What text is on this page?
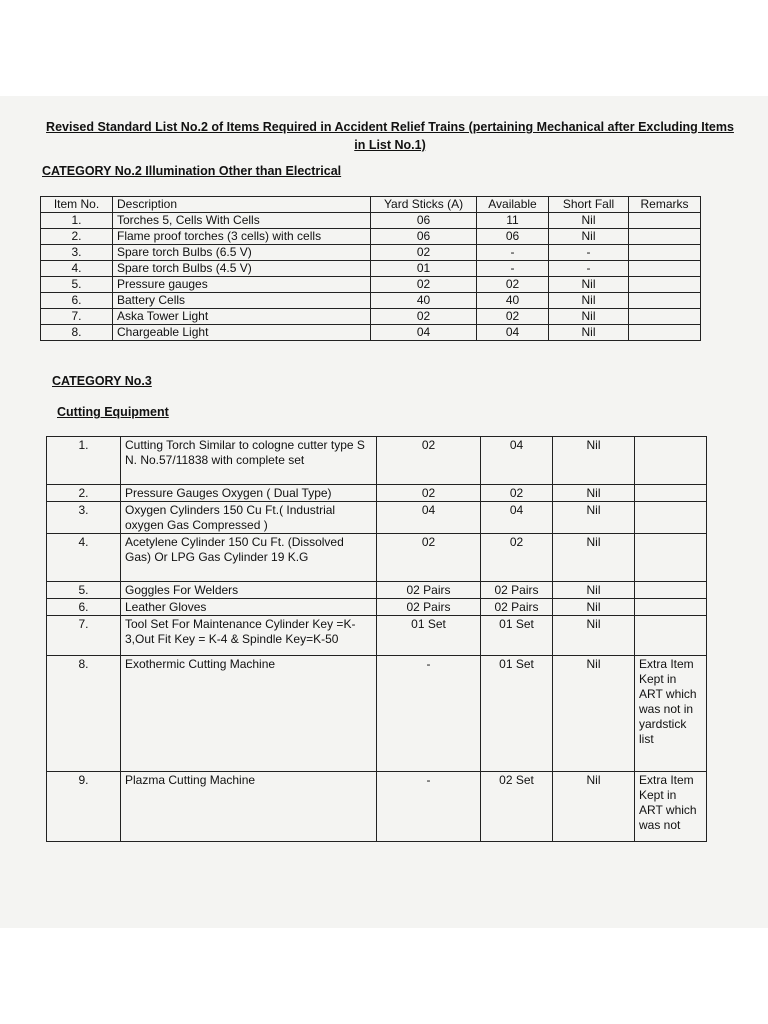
Revised Standard List No.2 of Items Required in Accident Relief Trains (pertaining Mechanical after Excluding Items in List No.1)
CATEGORY No.2 Illumination Other than Electrical
Item No.	Description	Yard Sticks (A)	Available	Short Fall	Remarks
1.	Torches 5, Cells With Cells	06	11	Nil	
2.	Flame proof torches (3 cells) with cells	06	06	Nil	
3.	Spare torch Bulbs (6.5 V)	02	-	-	
4.	Spare torch Bulbs (4.5 V)	01	-	-	
5.	Pressure gauges	02	02	Nil	
6.	Battery Cells	40	40	Nil	
7.	Aska Tower Light	02	02	Nil	
8.	Chargeable Light	04	04	Nil	
CATEGORY No.3
Cutting Equipment
1.	Cutting Torch Similar to cologne cutter type S N. No.57/11838 with complete set	02	04	Nil	
2.	Pressure Gauges Oxygen ( Dual Type)	02	02	Nil	
3.	Oxygen Cylinders 150 Cu Ft.( Industrial oxygen Gas Compressed )	04	04	Nil	
4.	Acetylene Cylinder 150 Cu Ft. (Dissolved Gas) Or LPG Gas Cylinder 19 K.G	02	02	Nil	
5.	Goggles For Welders	02 Pairs	02 Pairs	Nil	
6.	Leather Gloves	02 Pairs	02 Pairs	Nil	
7.	Tool Set For Maintenance Cylinder Key =K-3,Out Fit Key = K-4 & Spindle Key=K-50	01 Set	01 Set	Nil	
8.	Exothermic Cutting Machine	-	01 Set	Nil	Extra Item Kept in ART which was not in yardstick list
9.	Plazma Cutting Machine	-	02 Set	Nil	Extra Item Kept in ART which was not
